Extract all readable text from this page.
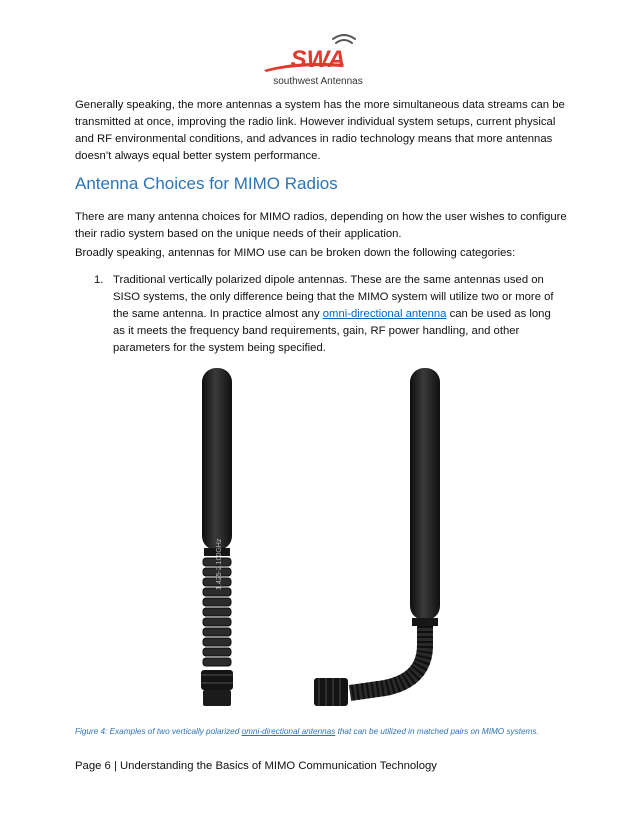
SWA
southwest Antennas
Generally speaking, the more antennas a system has the more simultaneous data streams can be transmitted at once, improving the radio link. However individual system setups, current physical and RF environmental conditions, and advances in radio technology means that more antennas doesn’t always equal better system performance.
Antenna Choices for MIMO Radios
There are many antenna choices for MIMO radios, depending on how the user wishes to configure their radio system based on the unique needs of their application.
Broadly speaking, antennas for MIMO use can be broken down the following categories:
1. Traditional vertically polarized dipole antennas. These are the same antennas used on SISO systems, the only difference being that the MIMO system will utilize two or more of the same antenna. In practice almost any omni-directional antenna can be used as long as it meets the frequency band requirements, gain, RF power handling, and other parameters for the system being specified.
1.425-2.100GHz
Figure 4: Examples of two vertically polarized omni-directional antennas that can be utilized in matched pairs on MIMO systems.
Page 6 | Understanding the Basics of MIMO Communication Technology
